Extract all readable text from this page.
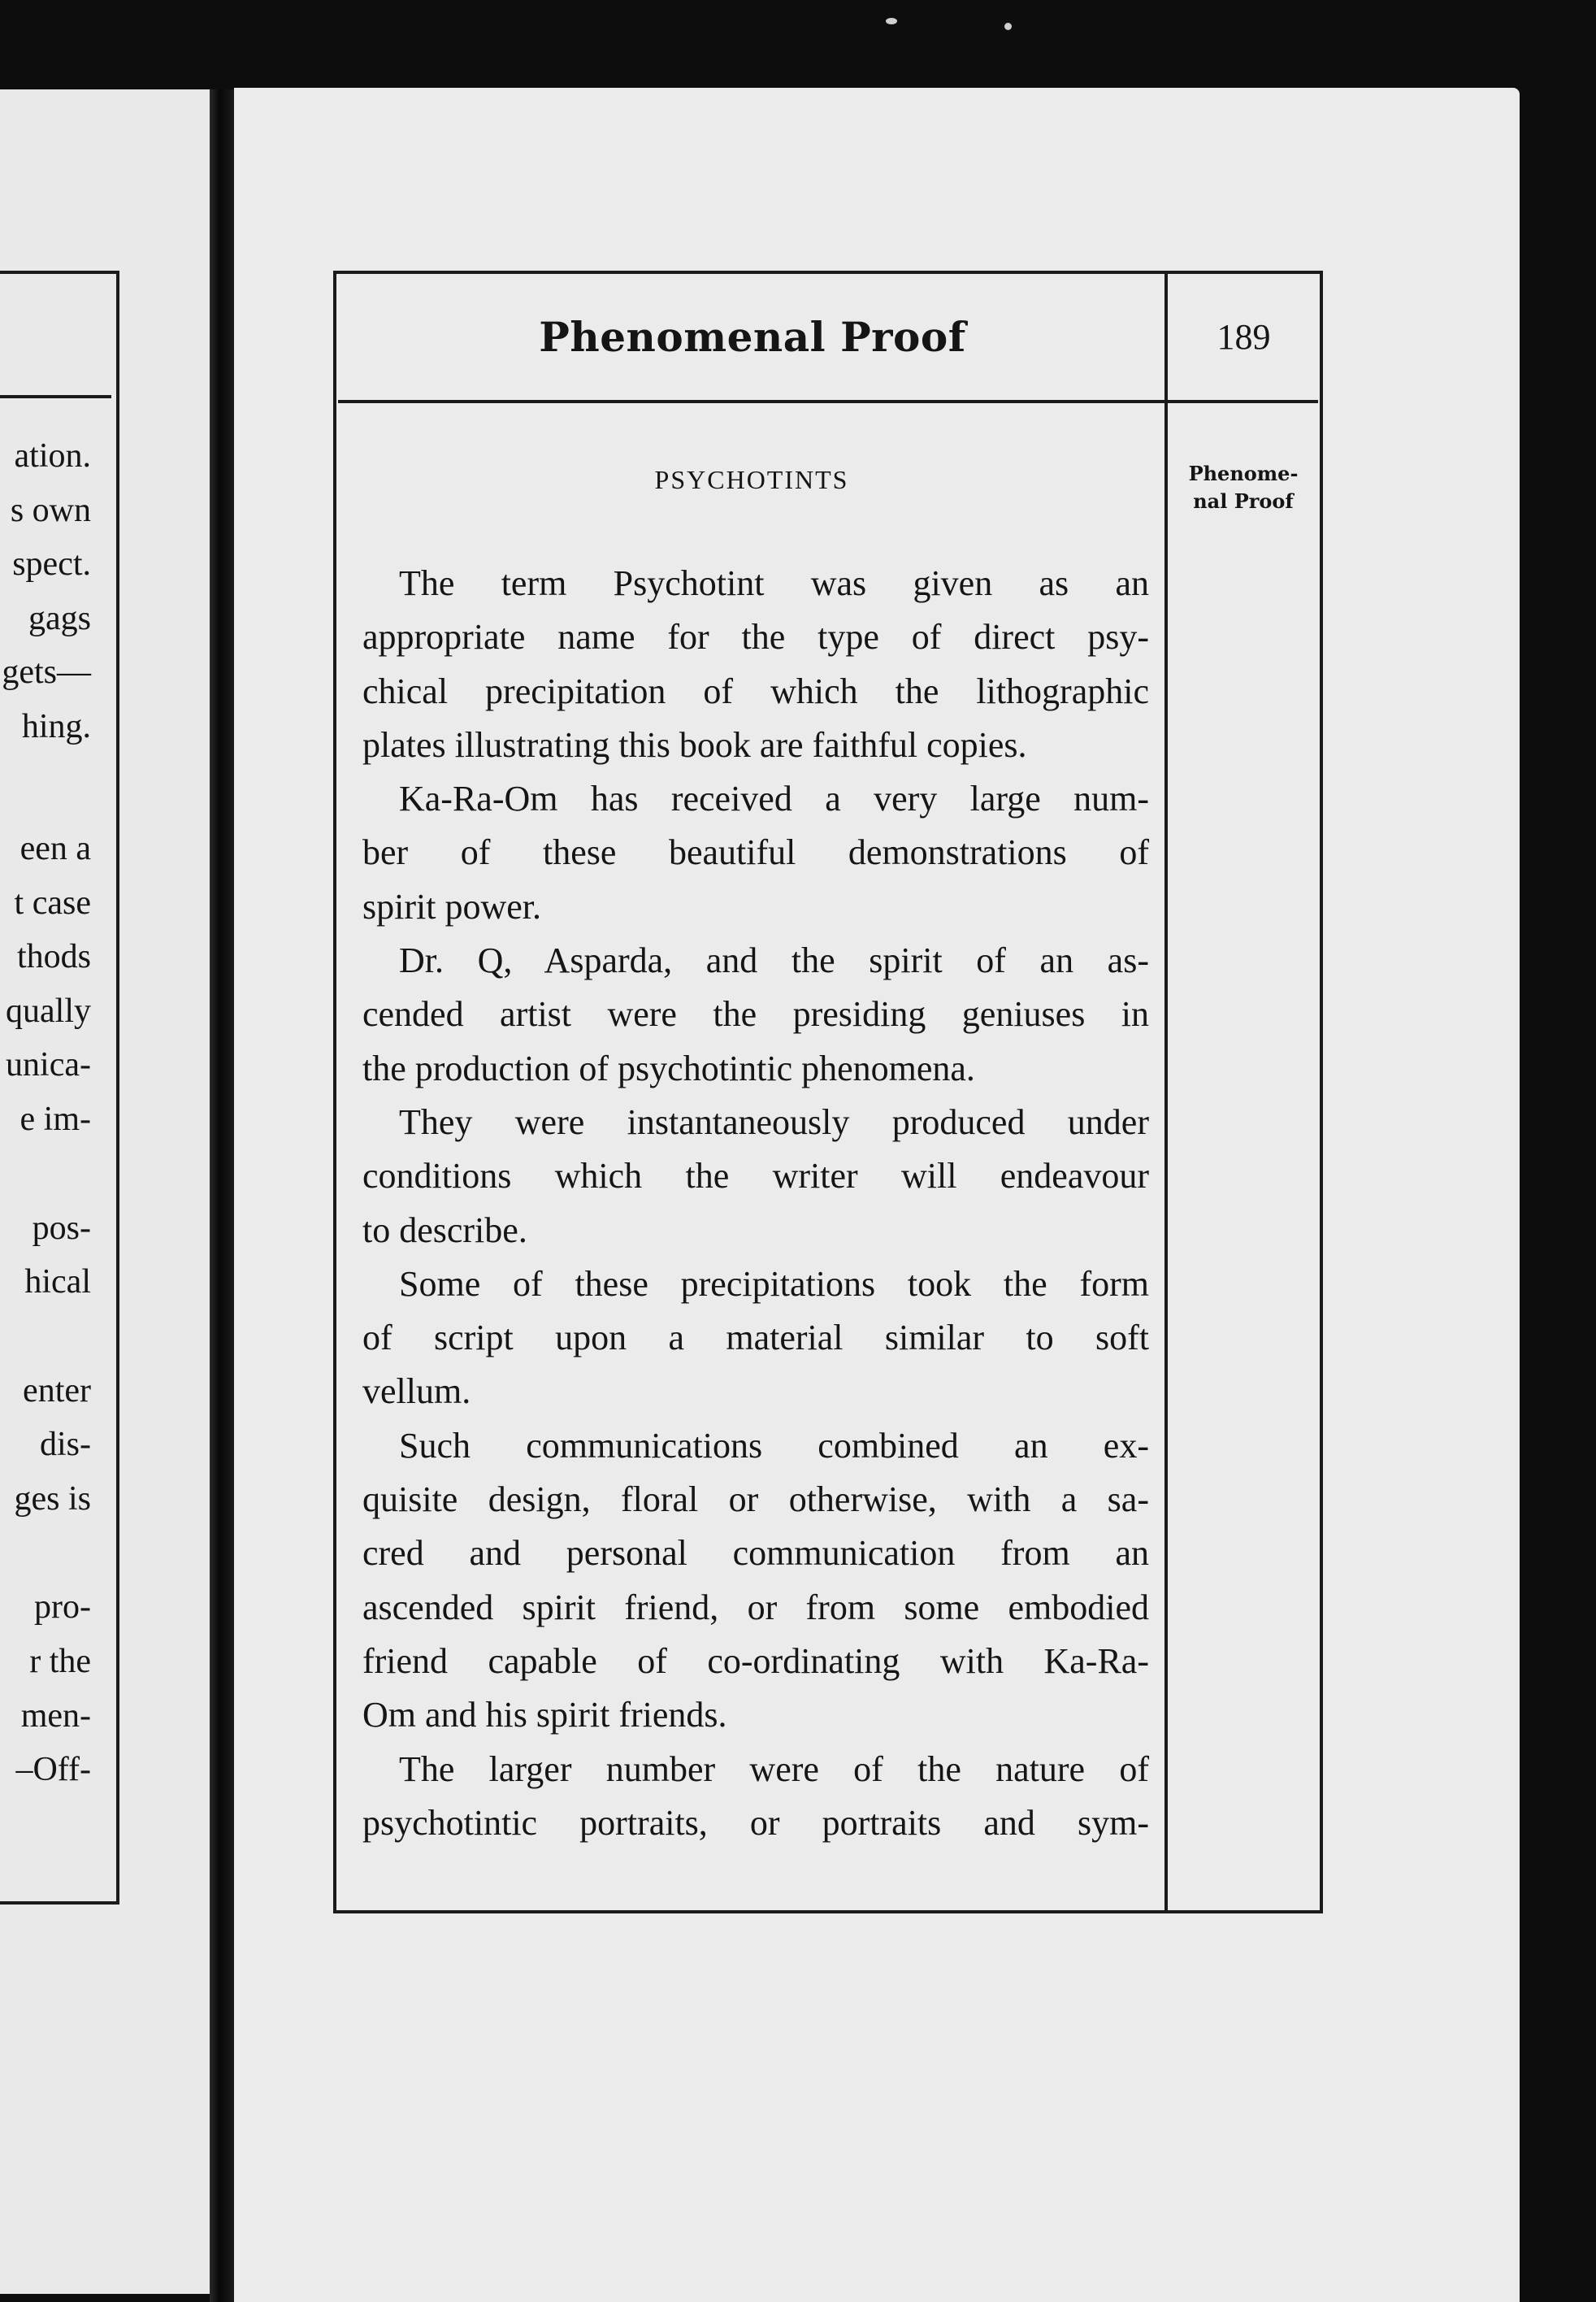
ation.
s own
spect.
gags
gets—
hing.
een a
t case
thods
qually
unica-
e im-
pos-
hical
enter
dis-
ges is
pro-
r the
men-
–Off-
Phenomenal Proof	189
Phenome-
nal Proof
PSYCHOTINTS
The term Psychotint was given as an
appropriate name for the type of direct psy-
chical precipitation of which the lithographic
plates illustrating this book are faithful copies.
Ka-Ra-Om has received a very large num-
ber of these beautiful demonstrations of
spirit power.
Dr. Q, Asparda, and the spirit of an as-
cended artist were the presiding geniuses in
the production of psychotintic phenomena.
They were instantaneously produced under
conditions which the writer will endeavour
to describe.
Some of these precipitations took the form
of script upon a material similar to soft
vellum.
Such communications combined an ex-
quisite design, floral or otherwise, with a sa-
cred and personal communication from an
ascended spirit friend, or from some embodied
friend capable of co-ordinating with Ka-Ra-
Om and his spirit friends.
The larger number were of the nature of
psychotintic portraits, or portraits and sym-
